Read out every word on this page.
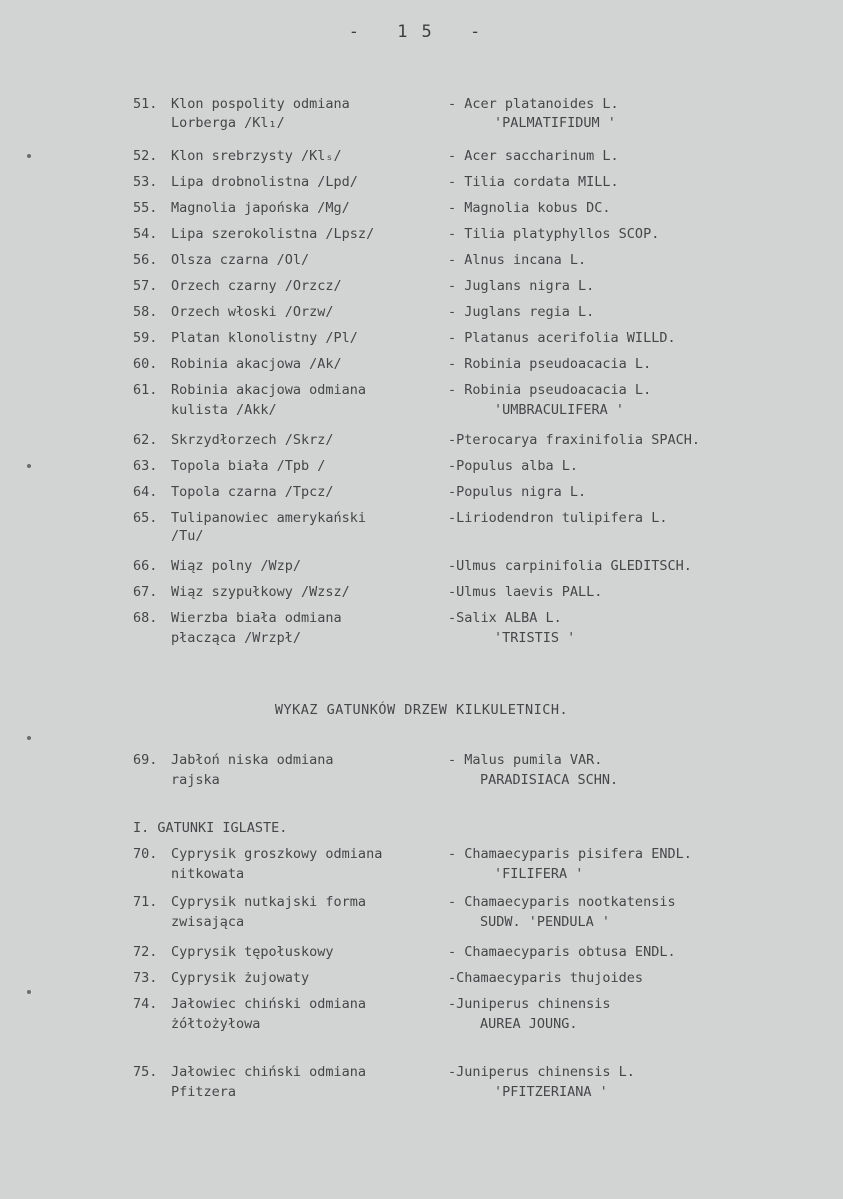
- 15 -
51. Klon pospolity odmiana
Lorberga /Kl₁/
- Acer platanoides L.
'PALMATIFIDUM '
52. Klon srebrzysty /Klₛ/	- Acer saccharinum L.
53. Lipa drobnolistna /Lpd/	- Tilia cordata MILL.
55. Magnolia japońska /Mg/	- Magnolia kobus DC.
54. Lipa szerokolistna /Lpsz/	- Tilia platyphyllos SCOP.
56. Olsza czarna /Ol/	- Alnus incana L.
57. Orzech czarny /Orzcz/	- Juglans nigra L.
58. Orzech włoski /Orzw/	- Juglans regia L.
59. Platan klonolistny /Pl/	- Platanus acerifolia WILLD.
60. Robinia akacjowa /Ak/	- Robinia pseudoacacia L.
61. Robinia akacjowa odmiana
kulista /Akk/
- Robinia pseudoacacia L.
'UMBRACULIFERA '
62. Skrzydłorzech /Skrz/	-Pterocarya fraxinifolia SPACH.
63. Topola biała /Tpb /	-Populus alba L.
64. Topola czarna /Tpcz/	-Populus nigra L.
65. Tulipanowiec amerykański
/Tu/
-Liriodendron tulipifera L.
66. Wiąz polny /Wzp/	-Ulmus carpinifolia GLEDITSCH.
67. Wiąz szypułkowy /Wzsz/	-Ulmus laevis PALL.
68. Wierzba biała odmiana
płacząca /Wrzpł/
-Salix ALBA L.
'TRISTIS '
69. Jabłoń niska odmiana
rajska
- Malus pumila VAR.
PARADISIACA SCHN.
70. Cyprysik groszkowy odmiana
nitkowata
- Chamaecyparis pisifera ENDL.
'FILIFERA '
71. Cyprysik nutkajski forma
zwisająca
- Chamaecyparis nootkatensis
SUDW. 'PENDULA '
72. Cyprysik tępołuskowy	- Chamaecyparis obtusa ENDL.
73. Cyprysik żujowaty	-Chamaecyparis thujoides
74. Jałowiec chiński odmiana
żółtożyłowa
-Juniperus chinensis
AUREA JOUNG.
75. Jałowiec chiński odmiana
Pfitzera
-Juniperus chinensis L.
'PFITZERIANA '
WYKAZ GATUNKÓW DRZEW KILKULETNICH.
I. GATUNKI IGLASTE.
